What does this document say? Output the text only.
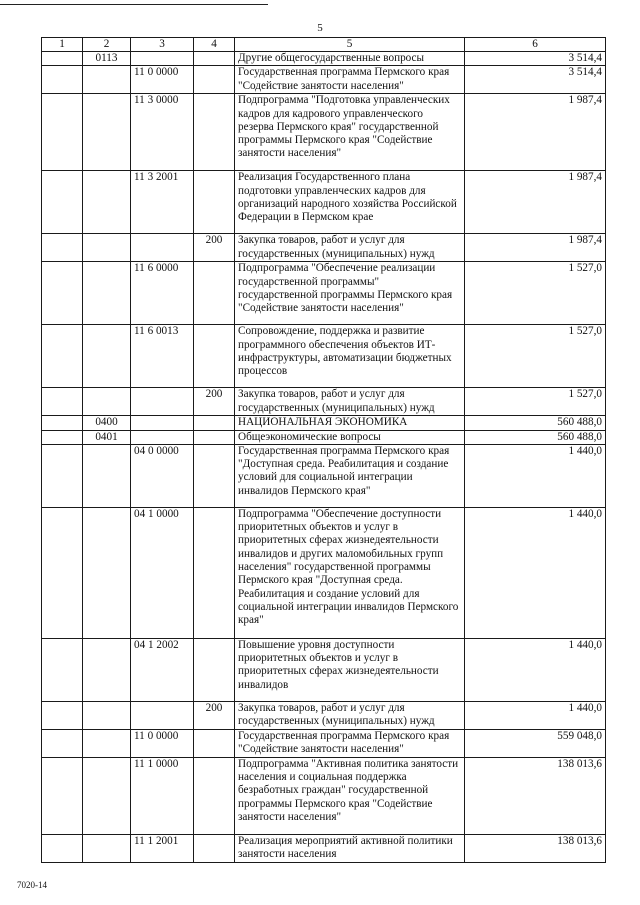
5
1	2	3	4	5	6
	0113			Другие общегосударственные вопросы	3 514,4
		11 0 0000		Государственная программа Пермского края "Содействие занятости населения"	3 514,4
		11 3 0000		Подпрограмма "Подготовка управленческих кадров для кадрового управленческого резерва Пермского края" государственной программы Пермского края "Содействие занятости населения"	1 987,4
		11 3 2001		Реализация Государственного плана подготовки управленческих кадров для организаций народного хозяйства Российской Федерации в Пермском крае	1 987,4
			200	Закупка товаров, работ и услуг для государственных (муниципальных) нужд	1 987,4
		11 6 0000		Подпрограмма "Обеспечение реализации государственной программы" государственной программы Пермского края "Содействие занятости населения"	1 527,0
		11 6 0013		Сопровождение, поддержка и развитие программного обеспечения объектов ИТ-инфраструктуры, автоматизации бюджетных процессов	1 527,0
			200	Закупка товаров, работ и услуг для государственных (муниципальных) нужд	1 527,0
	0400			НАЦИОНАЛЬНАЯ ЭКОНОМИКА	560 488,0
	0401			Общеэкономические вопросы	560 488,0
		04 0 0000		Государственная программа Пермского края "Доступная среда. Реабилитация и создание условий для социальной интеграции инвалидов Пермского края"	1 440,0
		04 1 0000		Подпрограмма "Обеспечение доступности приоритетных объектов и услуг в приоритетных сферах жизнедеятельности инвалидов и других маломобильных групп населения" государственной программы Пермского края "Доступная среда. Реабилитация и создание условий для социальной интеграции инвалидов Пермского края"	1 440,0
		04 1 2002		Повышение уровня доступности приоритетных объектов и услуг в приоритетных сферах жизнедеятельности инвалидов	1 440,0
			200	Закупка товаров, работ и услуг для государственных (муниципальных) нужд	1 440,0
		11 0 0000		Государственная программа Пермского края "Содействие занятости населения"	559 048,0
		11 1 0000		Подпрограмма "Активная политика занятости населения и социальная поддержка безработных граждан" государственной программы Пермского края "Содействие занятости населения"	138 013,6
		11 1 2001		Реализация мероприятий активной политики занятости населения	138 013,6
7020-14
